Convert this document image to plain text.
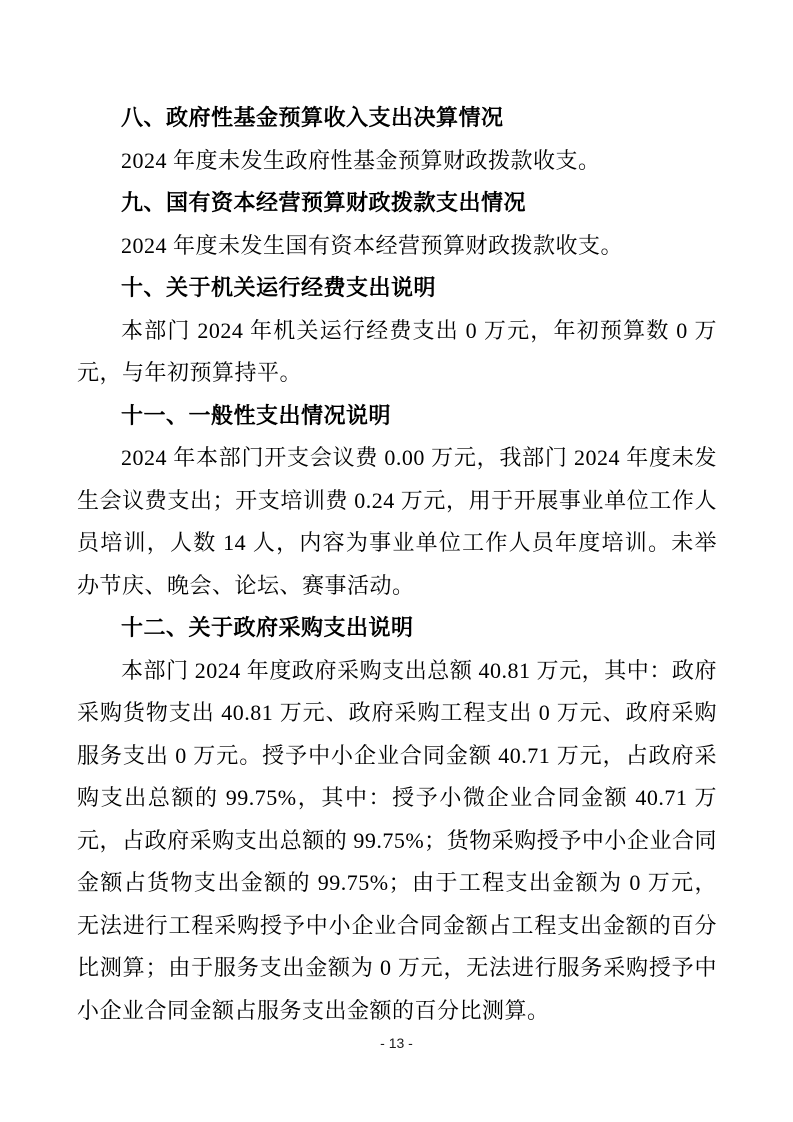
八、政府性基金预算收入支出决算情况

2024 年度未发生政府性基金预算财政拨款收支。

九、国有资本经营预算财政拨款支出情况

2024 年度未发生国有资本经营预算财政拨款收支。

十、关于机关运行经费支出说明

本部门 2024 年机关运行经费支出 0 万元，年初预算数 0 万元，与年初预算持平。

十一、一般性支出情况说明

2024 年本部门开支会议费 0.00 万元，我部门 2024 年度未发生会议费支出；开支培训费 0.24 万元，用于开展事业单位工作人员培训，人数 14 人，内容为事业单位工作人员年度培训。未举办节庆、晚会、论坛、赛事活动。

十二、关于政府采购支出说明

本部门 2024 年度政府采购支出总额 40.81 万元，其中：政府采购货物支出 40.81 万元、政府采购工程支出 0 万元、政府采购服务支出 0 万元。授予中小企业合同金额 40.71 万元，占政府采购支出总额的 99.75%，其中：授予小微企业合同金额 40.71 万元，占政府采购支出总额的 99.75%；货物采购授予中小企业合同金额占货物支出金额的 99.75%；由于工程支出金额为 0 万元，无法进行工程采购授予中小企业合同金额占工程支出金额的百分比测算；由于服务支出金额为 0 万元，无法进行服务采购授予中小企业合同金额占服务支出金额的百分比测算。

- 13 -
